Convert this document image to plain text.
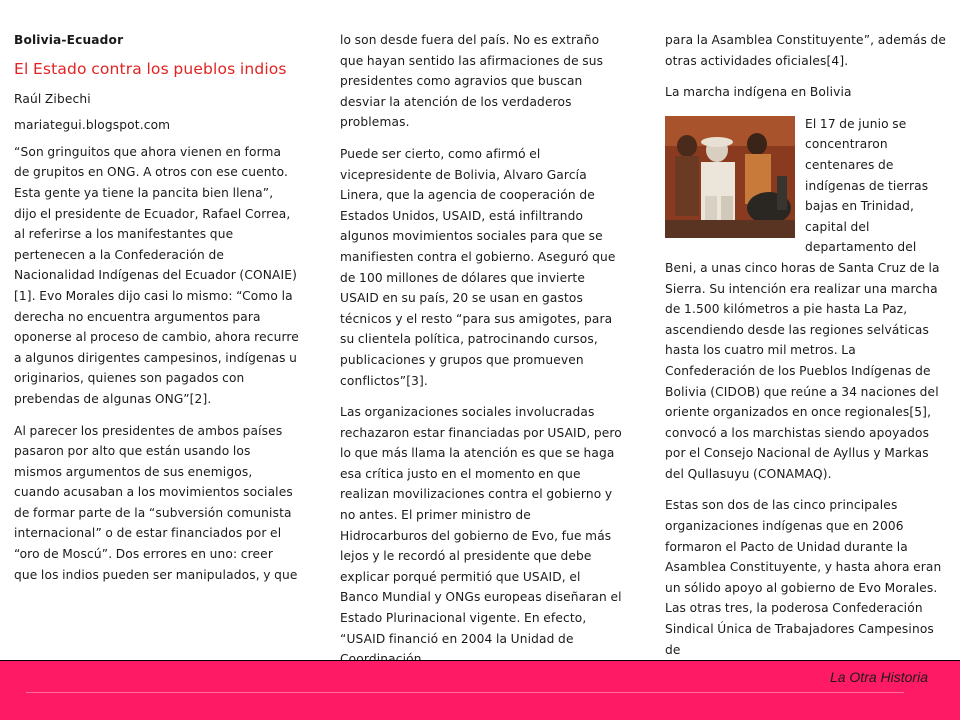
Bolivia-Ecuador

El Estado contra los pueblos indios

Raúl Zibechi

mariategui.blogspot.com

“Son gringuitos que ahora vienen en forma de grupitos en ONG. A otros con ese cuento. Esta gente ya tiene la pancita bien llena”, dijo el presidente de Ecuador, Rafael Correa, al referirse a los manifestantes que pertenecen a la Confederación de Nacionalidad Indígenas del Ecuador (CONAIE)[1]. Evo Morales dijo casi lo mismo: “Como la derecha no encuentra argumentos para oponerse al proceso de cambio, ahora recurre a algunos dirigentes campesinos, indígenas u originarios, quienes son pagados con prebendas de algunas ONG”[2].

Al parecer los presidentes de ambos países pasaron por alto que están usando los mismos argumentos de sus enemigos, cuando acusaban a los movimientos sociales de formar parte de la “subversión comunista internacional” o de estar financiados por el “oro de Moscú”. Dos errores en uno: creer que los indios pueden ser manipulados, y que

lo son desde fuera del país. No es extraño que hayan sentido las afirmaciones de sus presidentes como agravios que buscan desviar la atención de los verdaderos problemas.

Puede ser cierto, como afirmó el vicepresidente de Bolivia, Alvaro García Linera, que la agencia de cooperación de Estados Unidos, USAID, está infiltrando algunos movimientos sociales para que se manifiesten contra el gobierno. Aseguró que de 100 millones de dólares que invierte USAID en su país, 20 se usan en gastos técnicos y el resto “para sus amigotes, para su clientela política, patrocinando cursos, publicaciones y grupos que promueven conflictos”[3].

Las organizaciones sociales involucradas rechazaron estar financiadas por USAID, pero lo que más llama la atención es que se haga esa crítica justo en el momento en que realizan movilizaciones contra el gobierno y no antes. El primer ministro de Hidrocarburos del gobierno de Evo, fue más lejos y le recordó al presidente que debe explicar porqué permitió que USAID, el Banco Mundial y ONGs europeas diseñaran el Estado Plurinacional vigente. En efecto, “USAID financió en 2004 la Unidad de

para la Asamblea Constituyente”, además de otras actividades oficiales[4].

La marcha indígena en Bolivia

El 17 de junio se concentraron centenares de indígenas de tierras bajas en Trinidad, capital del departamento del Beni, a unas cinco horas de Santa Cruz de la Sierra. Su intención era realizar una marcha de 1.500 kilómetros a pie hasta La Paz, ascendiendo desde las regiones selváticas hasta los cuatro mil metros. La Confederación de los Pueblos Indígenas de Bolivia (CIDOB) que reúne a 34 naciones del oriente organizados en once regionales[5], convocó a los marchistas siendo apoyados por el Consejo Nacional de Ayllus y Markas del Qullasuyu (CONAMAQ).

Estas son dos de las cinco principales organizaciones indígenas que en 2006 formaron el Pacto de Unidad durante la Asamblea Constituyente, y hasta ahora eran un sólido apoyo al gobierno de Evo Morales. Las otras tres, la poderosa Confederación Sindical Única de Trabajadores Campesinos de

La Otra Historia
